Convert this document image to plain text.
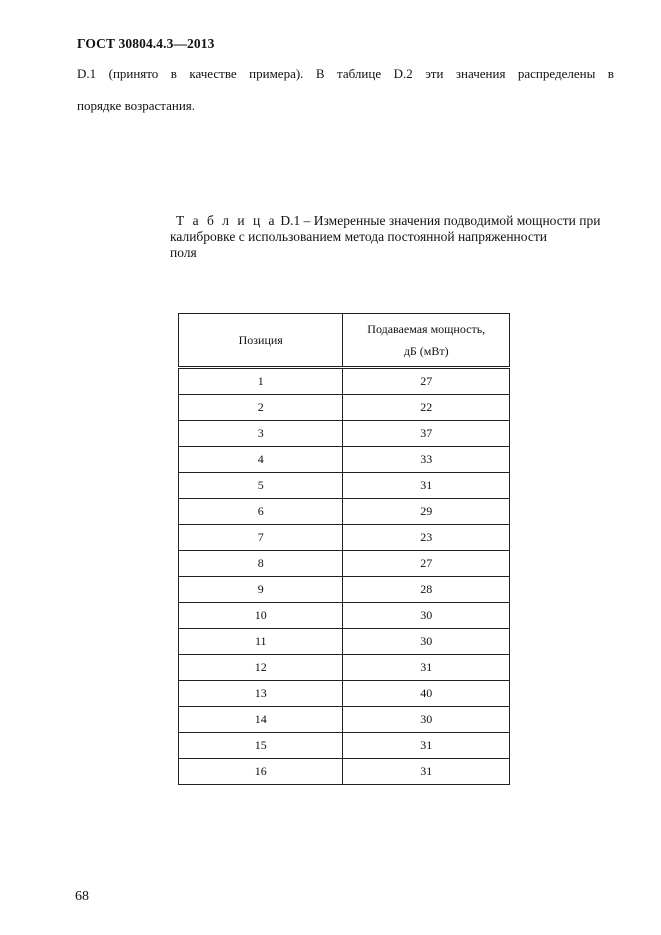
ГОСТ 30804.4.3—2013
D.1 (принято в качестве примера). В таблице D.2 эти значения распределены в
порядке возрастания.
Т а б л и ц а D.1 – Измеренные значения подводимой мощности при
калибровке с использованием метода постоянной напряженности
поля
Позиция	Подаваемая мощность,
дБ (мВт)

1	27
2	22
3	37
4	33
5	31
6	29
7	23
8	27
9	28
10	30
11	30
12	31
13	40
14	30
15	31
16	31
68
